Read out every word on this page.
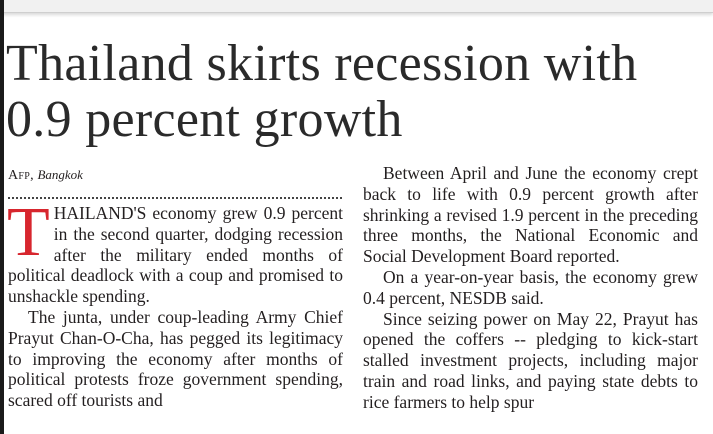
Thailand skirts recession with
0.9 percent growth
Afp, Bangkok

THAILAND'S economy grew 0.9 percent in the second quarter, dodging recession after the military ended months of political deadlock with a coup and promised to unshackle spending.

The junta, under coup-leading Army Chief Prayut Chan-O-Cha, has pegged its legitimacy to improving the economy after months of political protests froze government spending, scared off tourists and

Between April and June the economy crept back to life with 0.9 percent growth after shrinking a revised 1.9 percent in the preceding three months, the National Economic and Social Development Board reported.

On a year-on-year basis, the economy grew 0.4 percent, NESDB said.

Since seizing power on May 22, Prayut has opened the coffers -- pledging to kick-start stalled investment projects, including major train and road links, and paying state debts to rice farmers to help spur
